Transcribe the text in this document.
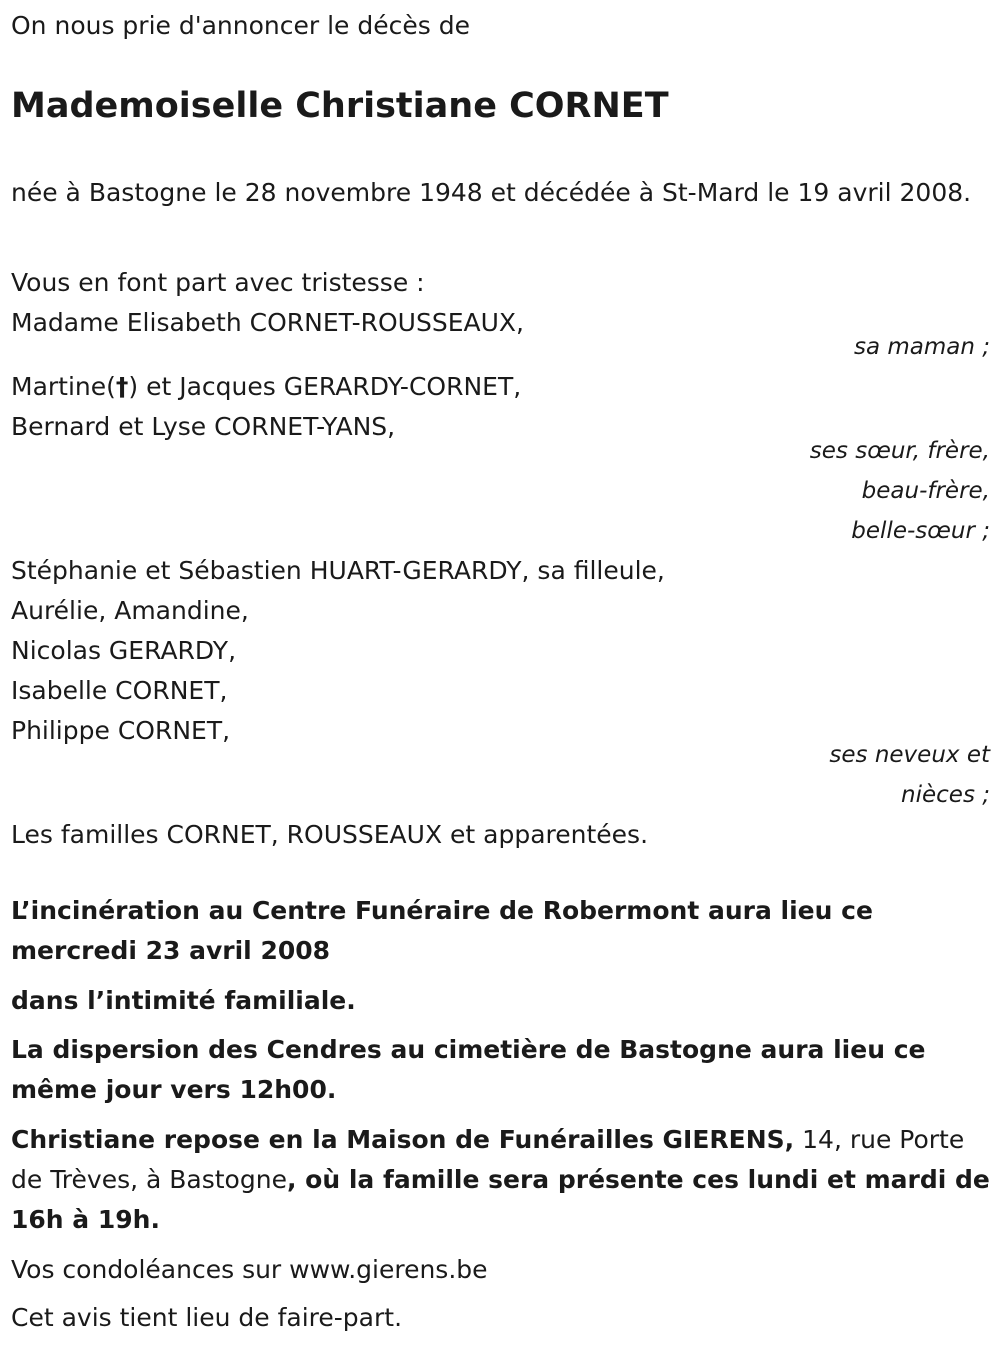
On nous prie d'annoncer le décès de
Mademoiselle Christiane CORNET
née à Bastogne le 28 novembre 1948 et décédée à St-Mard le 19 avril 2008.
Vous en font part avec tristesse :
Madame Elisabeth CORNET-ROUSSEAUX,
sa maman ;
Martine(†) et Jacques GERARDY-CORNET,
Bernard et Lyse CORNET-YANS,
ses sœur, frère,
beau-frère,
belle-sœur ;
Stéphanie et Sébastien HUART-GERARDY, sa filleule,
Aurélie, Amandine,
Nicolas GERARDY,
Isabelle CORNET,
Philippe CORNET,
ses neveux et
nièces ;
Les familles CORNET, ROUSSEAUX et apparentées.
L’incinération au Centre Funéraire de Robermont aura lieu ce mercredi 23 avril 2008
dans l’intimité familiale.
La dispersion des Cendres au cimetière de Bastogne aura lieu ce même jour vers 12h00.
Christiane repose en la Maison de Funérailles GIERENS, 14, rue Porte de Trèves, à Bastogne, où la famille sera présente ces lundi et mardi de 16h à 19h.
Vos condoléances sur www.gierens.be
Cet avis tient lieu de faire-part.
